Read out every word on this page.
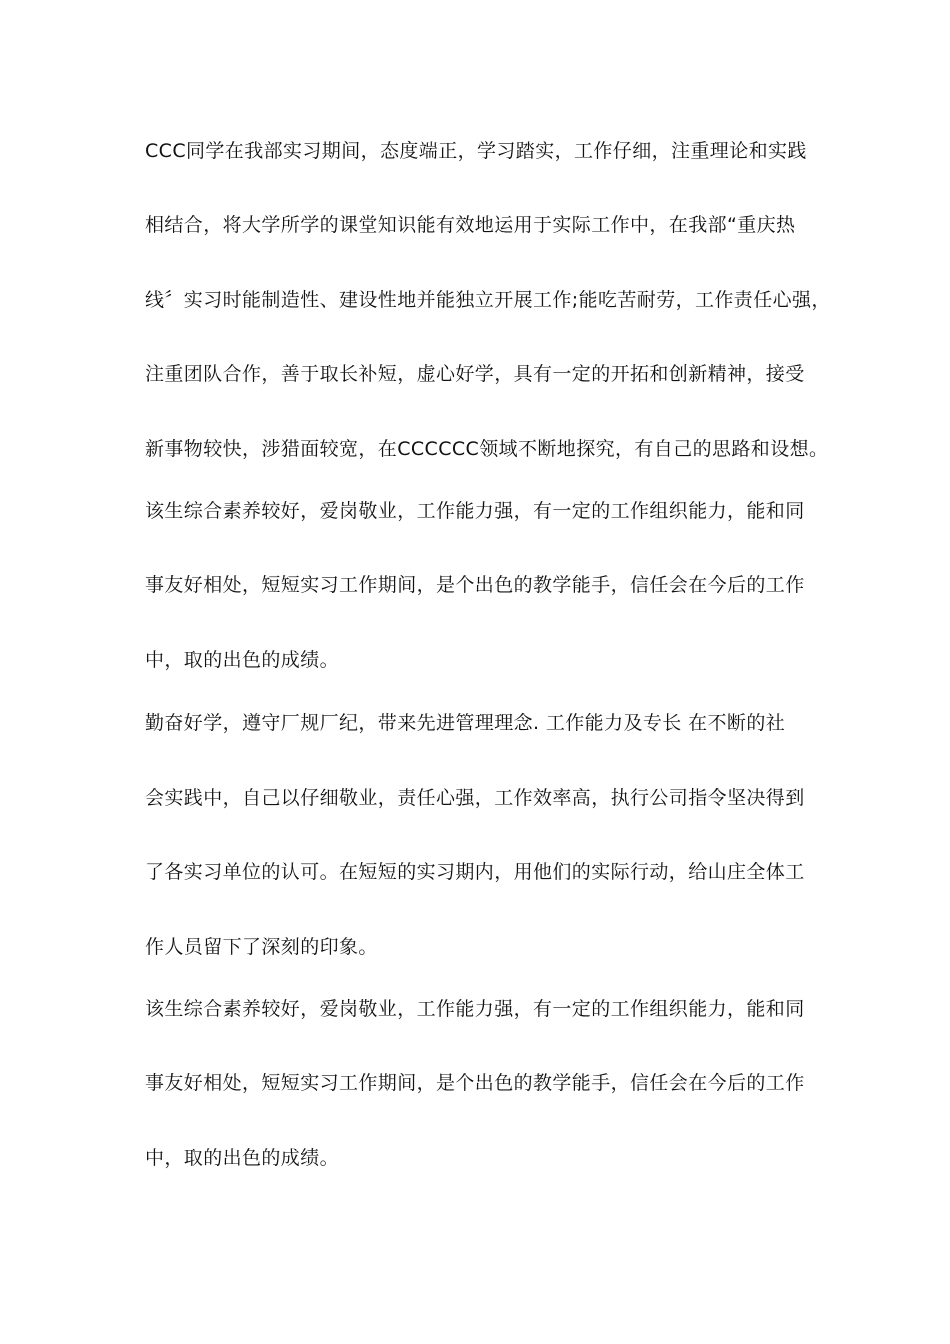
CCC同学在我部实习期间，态度端正，学习踏实，工作仔细，注重理论和实践
相结合，将大学所学的课堂知识能有效地运用于实际工作中，在我部“重庆热
线〞实习时能制造性、建设性地并能独立开展工作;能吃苦耐劳，工作责任心强，
注重团队合作，善于取长补短，虚心好学，具有一定的开拓和创新精神，接受
新事物较快，涉猎面较宽，在CCCCCC领域不断地探究，有自己的思路和设想。
该生综合素养较好，爱岗敬业，工作能力强，有一定的工作组织能力，能和同
事友好相处，短短实习工作期间，是个出色的教学能手，信任会在今后的工作
中，取的出色的成绩。
勤奋好学，遵守厂规厂纪，带来先进管理理念. 工作能力及专长 在不断的社
会实践中，自己以仔细敬业，责任心强，工作效率高，执行公司指令坚决得到
了各实习单位的认可。在短短的实习期内，用他们的实际行动，给山庄全体工
作人员留下了深刻的印象。
该生综合素养较好，爱岗敬业，工作能力强，有一定的工作组织能力，能和同
事友好相处，短短实习工作期间，是个出色的教学能手，信任会在今后的工作
中，取的出色的成绩。
